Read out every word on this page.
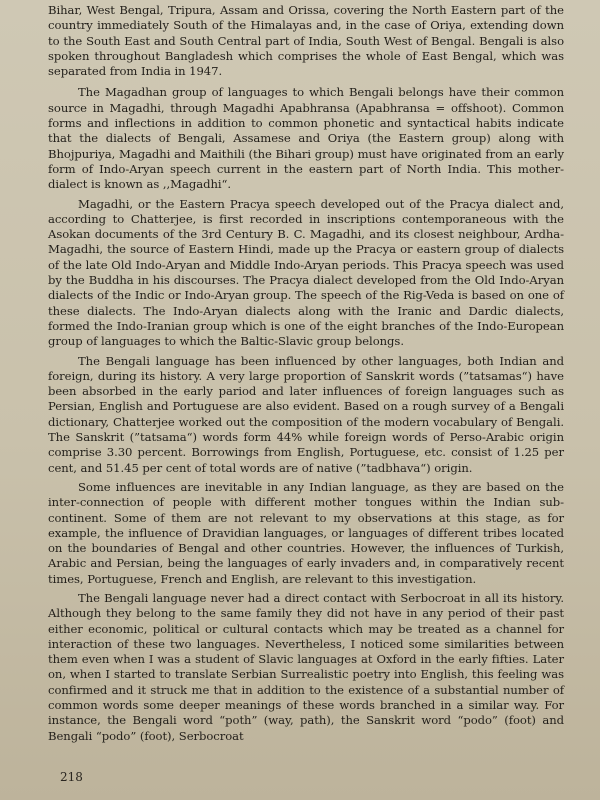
Bihar, West Bengal, Tripura, Assam and Orissa, covering the North Eastern part of the country immediately South of the Himalayas and, in the case of Oriya, extending down to the South East and South Central part of India, South West of Bengal. Bengali is also spoken throughout Bangladesh which comprises the whole of East Bengal, which was separated from India in 1947.

The Magadhan group of languages to which Bengali belongs have their common source in Magadhi, through Magadhi Apabhransa (Apabhransa = offshoot). Common forms and inflections in addition to common phonetic and syntactical habits indicate that the dialects of Bengali, Assamese and Oriya (the Eastern group) along with Bhojpuriya, Magadhi and Maithili (the Bihari group) must have originated from an early form of Indo-Aryan speech current in the eastern part of North India. This mother-dialect is known as ,,Magadhi“.

Magadhi, or the Eastern Pracya speech developed out of the Pracya dialect and, according to Chatterjee, is first recorded in inscriptions contemporaneous with the Asokan documents of the 3rd Century B. C. Magadhi, and its closest neighbour, Ardha-Magadhi, the source of Eastern Hindi, made up the Pracya or eastern group of dialects of the late Old Indo-Aryan and Middle Indo-Aryan periods. This Pracya speech was used by the Buddha in his discourses. The Pracya dialect developed from the Old Indo-Aryan dialects of the Indic or Indo-Aryan group. The speech of the Rig-Veda is based on one of these dialects. The Indo-Aryan dialects along with the Iranic and Dardic dialects, formed the Indo-Iranian group which is one of the eight branches of the Indo-European group of languages to which the Baltic-Slavic group belongs.

The Bengali language has been influenced by other languages, both Indian and foreign, during its history. A very large proportion of Sanskrit words (”tatsamas“) have been absorbed in the early pariod and later influences of foreign languages such as Persian, English and Portuguese are also evident. Based on a rough survey of a Bengali dictionary, Chatterjee worked out the composition of the modern vocabulary of Bengali. The Sanskrit (”tatsama“) words form 44% while foreign words of Perso-Arabic origin comprise 3.30 percent. Borrowings from English, Portuguese, etc. consist of 1.25 per cent, and 51.45 per cent of total words are of native (”tadbhava“) origin.

Some influences are inevitable in any Indian language, as they are based on the inter-connection of people with different mother tongues within the Indian sub-continent. Some of them are not relevant to my observations at this stage, as for example, the influence of Dravidian languages, or languages of different tribes located on the boundaries of Bengal and other countries. However, the influences of Turkish, Arabic and Persian, being the languages of early invaders and, in comparatively recent times, Portuguese, French and English, are relevant to this investigation.

The Bengali language never had a direct contact with Serbocroat in all its history. Although they belong to the same family they did not have in any period of their past either economic, political or cultural contacts which may be treated as a channel for interaction of these two languages. Nevertheless, I noticed some similarities between them even when I was a student of Slavic languages at Oxford in the early fifties. Later on, when I started to translate Serbian Surrealistic poetry into English, this feeling was confirmed and it struck me that in addition to the existence of a substantial number of common words some deeper meanings of these words branched in a similar way. For instance, the Bengali word “poth” (way, path), the Sanskrit word “podo” (foot) and Bengali “podo” (foot), Serbocroat

218
